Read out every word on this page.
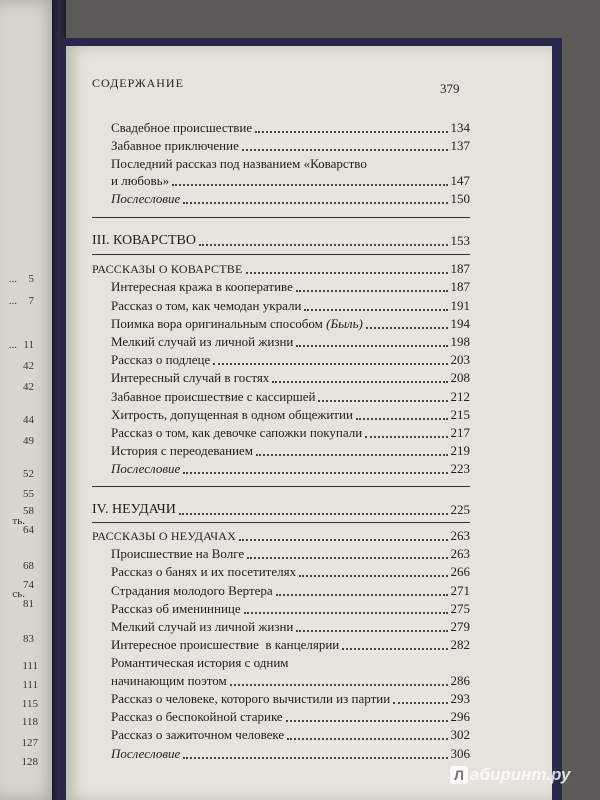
... 5
... 7
... 11
42
42
44
49
52
55
58
ть.
64
68
74
сь.
81
83
111
111
115
118
127
128
СОДЕРЖАНИЕ	379
Свадебное происшествие	134
Забавное приключение	137
Последний рассказ под названием «Коварство
и любовь»	147
Послесловие	150
III. КОВАРСТВО	153
РАССКАЗЫ О КОВАРСТВЕ	187
Интересная кража в кооперативе	187
Рассказ о том, как чемодан украли	191
Поимка вора оригинальным способом
(Быль)	194
Мелкий случай из личной жизни	198
Рассказ о подлеце	203
Интересный случай в гостях	208
Забавное происшествие с кассиршей	212
Хитрость, допущенная в одном общежитии	215
Рассказ о том, как девочке сапожки покупали	217
История с переодеванием	219
Послесловие	223
IV. НЕУДАЧИ	225
РАССКАЗЫ О НЕУДАЧАХ	263
Происшествие на Волге	263
Рассказ о банях и их посетителях	266
Страдания молодого Вертера	271
Рассказ об имениннице	275
Мелкий случай из личной жизни	279
Интересное происшествие  в канцелярии	282
Романтическая история с одним
начинающим поэтом	286
Рассказ о человеке, которого вычистили из партии	293
Рассказ о беспокойной старике	296
Рассказ о зажиточном человеке	302
Послесловие	306
Л абиринт.ру
